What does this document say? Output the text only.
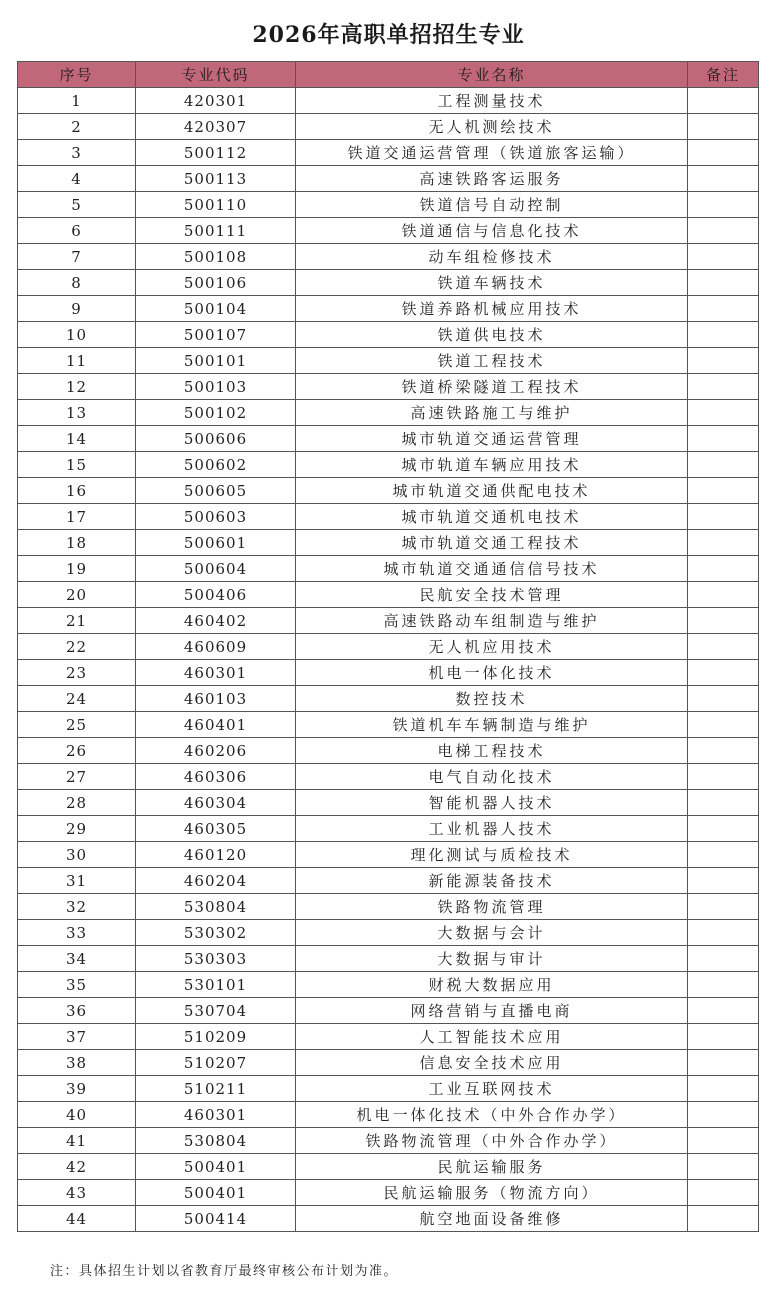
2026年高职单招招生专业
序号	专业代码	专业名称	备注
1	420301	工程测量技术	
2	420307	无人机测绘技术	
3	500112	铁道交通运营管理（铁道旅客运输）	
4	500113	高速铁路客运服务	
5	500110	铁道信号自动控制	
6	500111	铁道通信与信息化技术	
7	500108	动车组检修技术	
8	500106	铁道车辆技术	
9	500104	铁道养路机械应用技术	
10	500107	铁道供电技术	
11	500101	铁道工程技术	
12	500103	铁道桥梁隧道工程技术	
13	500102	高速铁路施工与维护	
14	500606	城市轨道交通运营管理	
15	500602	城市轨道车辆应用技术	
16	500605	城市轨道交通供配电技术	
17	500603	城市轨道交通机电技术	
18	500601	城市轨道交通工程技术	
19	500604	城市轨道交通通信信号技术	
20	500406	民航安全技术管理	
21	460402	高速铁路动车组制造与维护	
22	460609	无人机应用技术	
23	460301	机电一体化技术	
24	460103	数控技术	
25	460401	铁道机车车辆制造与维护	
26	460206	电梯工程技术	
27	460306	电气自动化技术	
28	460304	智能机器人技术	
29	460305	工业机器人技术	
30	460120	理化测试与质检技术	
31	460204	新能源装备技术	
32	530804	铁路物流管理	
33	530302	大数据与会计	
34	530303	大数据与审计	
35	530101	财税大数据应用	
36	530704	网络营销与直播电商	
37	510209	人工智能技术应用	
38	510207	信息安全技术应用	
39	510211	工业互联网技术	
40	460301	机电一体化技术（中外合作办学）	
41	530804	铁路物流管理（中外合作办学）	
42	500401	民航运输服务	
43	500401	民航运输服务（物流方向）	
44	500414	航空地面设备维修	
注：具体招生计划以省教育厅最终审核公布计划为准。
